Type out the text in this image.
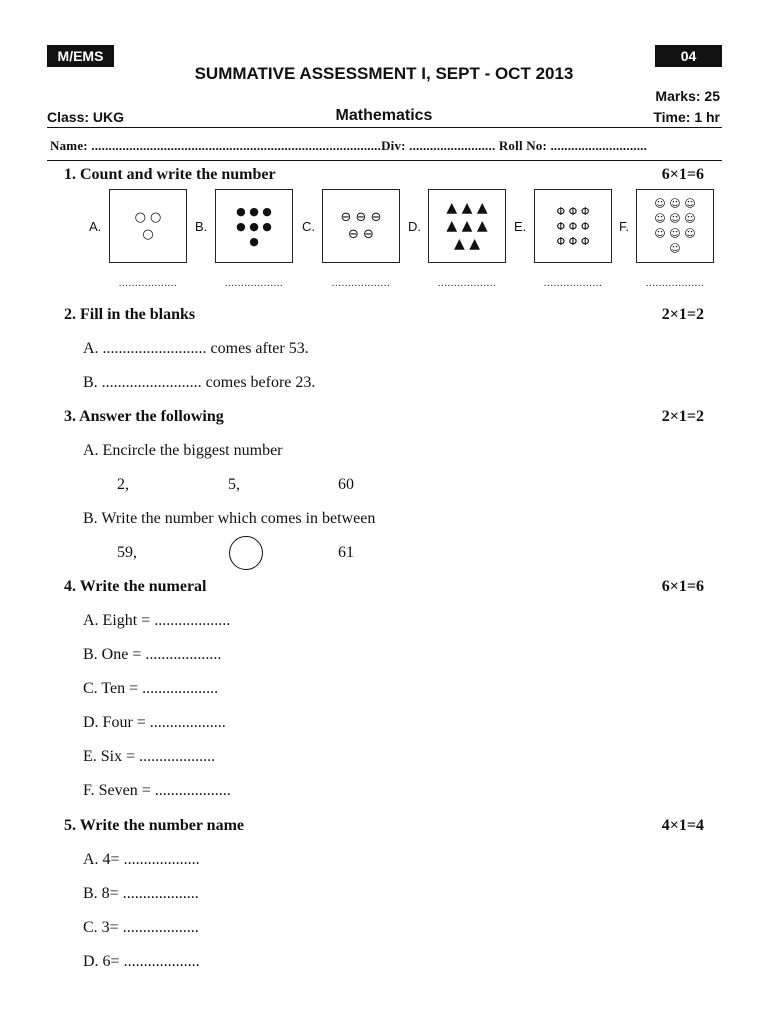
M/EMS	04
SUMMATIVE ASSESSMENT I, SEPT - OCT 2013
Marks: 25
Class: UKG	Mathematics	Time: 1 hr
Name: ....................................................................................Div: ......................... Roll No: ............................
1. Count and write the number	6×1=6
A.
○ ○
○
..................
B.
● ● ●
● ● ●
●
..................
C.
⊖ ⊖ ⊖
⊖ ⊖
..................
D.
▲ ▲ ▲
▲ ▲ ▲
▲ ▲
..................
E.
Φ Φ Φ
Φ Φ Φ
Φ Φ Φ
..................
F.
☺ ☺ ☺
☺ ☺ ☺
☺ ☺ ☺
☺
..................
2. Fill in the blanks	2×1=2
A. .......................... comes after 53.
B. ......................... comes before 23.
3. Answer the following	2×1=2
A. Encircle the biggest number
2,	5,	60
B. Write the number which comes in between
59,	61
4. Write the numeral	6×1=6
A. Eight = ...................
B. One = ...................
C. Ten = ...................
D. Four = ...................
E. Six = ...................
F. Seven = ...................
5. Write the number name	4×1=4
A. 4= ...................
B. 8= ...................
C. 3= ...................
D. 6= ...................
